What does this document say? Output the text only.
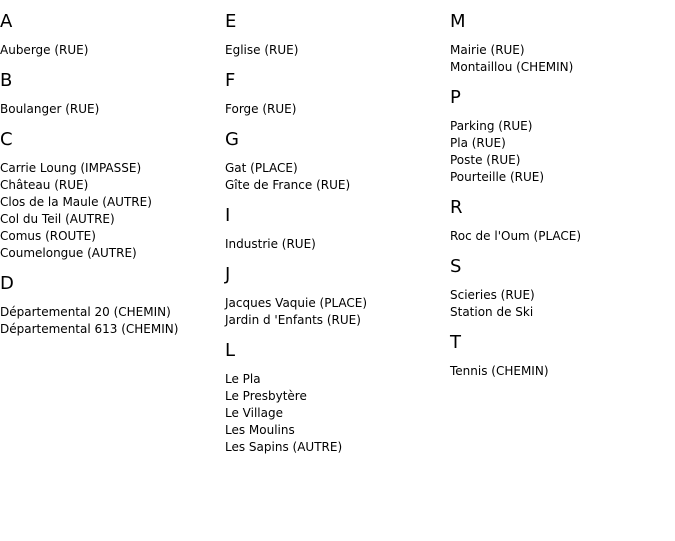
A
Auberge (RUE)
B
Boulanger (RUE)
C
Carrie Loung (IMPASSE)
Château (RUE)
Clos de la Maule (AUTRE)
Col du Teil (AUTRE)
Comus (ROUTE)
Coumelongue (AUTRE)
D
Départemental 20 (CHEMIN)
Départemental 613 (CHEMIN)
E
Eglise (RUE)
F
Forge (RUE)
G
Gat (PLACE)
Gîte de France (RUE)
I
Industrie (RUE)
J
Jacques Vaquie (PLACE)
Jardin d 'Enfants (RUE)
L
Le Pla
Le Presbytère
Le Village
Les Moulins
Les Sapins (AUTRE)
M
Mairie (RUE)
Montaillou (CHEMIN)
P
Parking (RUE)
Pla (RUE)
Poste (RUE)
Pourteille (RUE)
R
Roc de l'Oum (PLACE)
S
Scieries (RUE)
Station de Ski
T
Tennis (CHEMIN)
